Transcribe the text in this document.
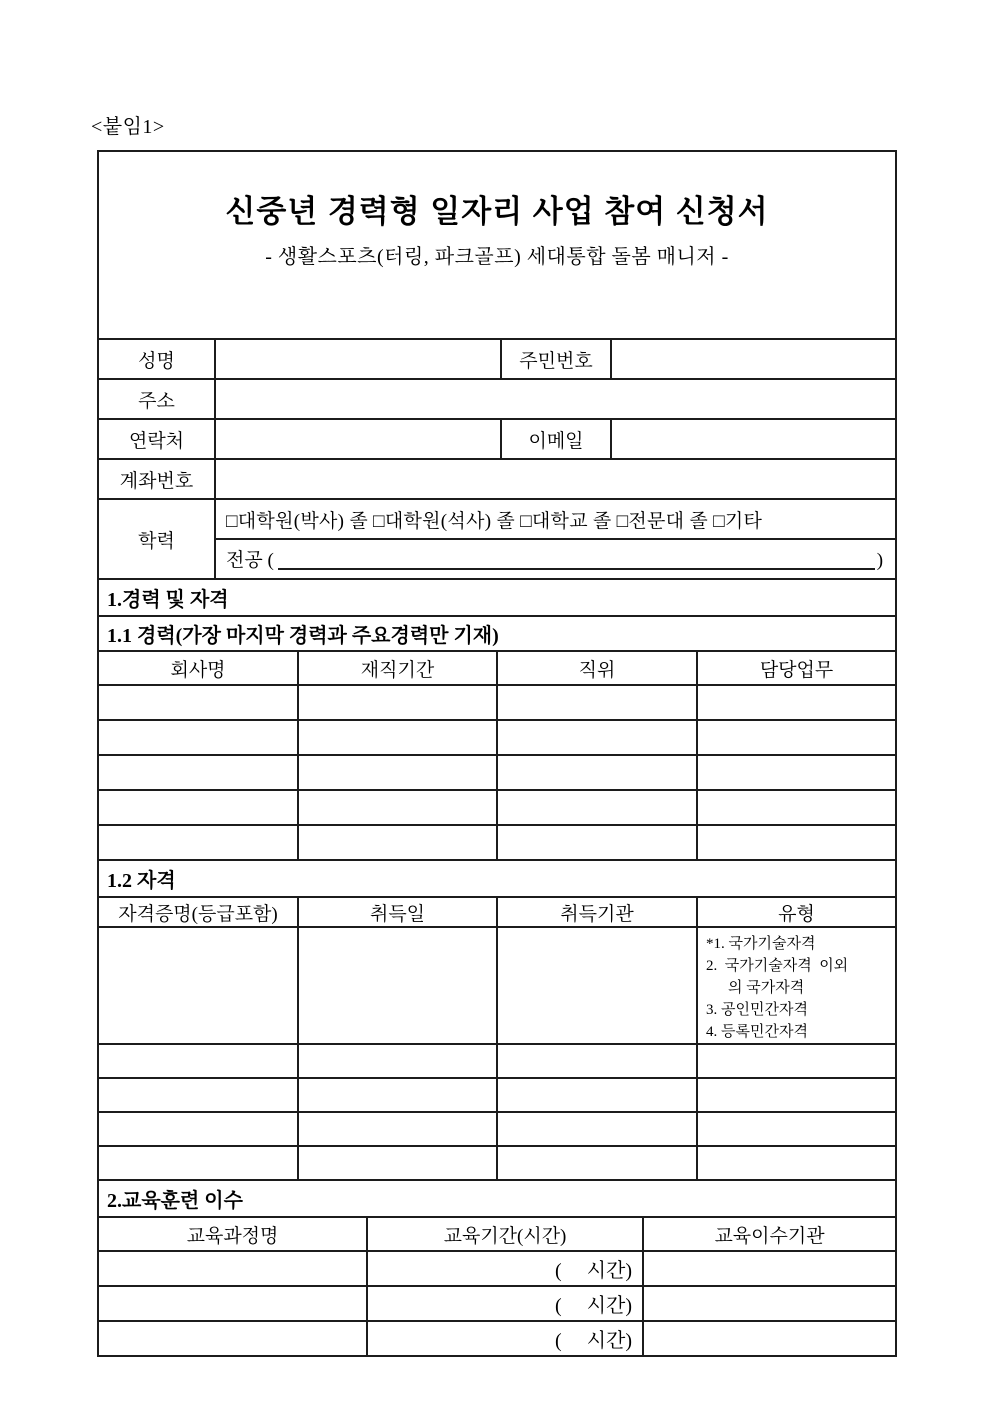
<붙임1>
신중년 경력형 일자리 사업 참여 신청서
- 생활스포츠(터링, 파크골프) 세대통합 돌봄 매니저 -			

성명		주민번호	
주소			
연락처		이메일	
계좌번호			
학력	□대학원(박사) 졸 □대학원(석사) 졸 □대학교 졸 □전문대 졸 □기타		

	전공 ( )		
1.경력 및 자격			
1.1 경력(가장 마지막 경력과 주요경력만 기재)			
회사명	재직기간	직위	담당업무

1.2 자격			
자격증명(등급포함)	취득일	취득기관	유형

			*1. 국가기술자격
2.  국가기술자격  이외
의 국가자격
3. 공인민간자격
4. 등록민간자격

2.교육훈련 이수		
교육과정명	교육기간(시간)	교육이수기관
	(     시간)	
	(     시간)	
	(     시간)	
